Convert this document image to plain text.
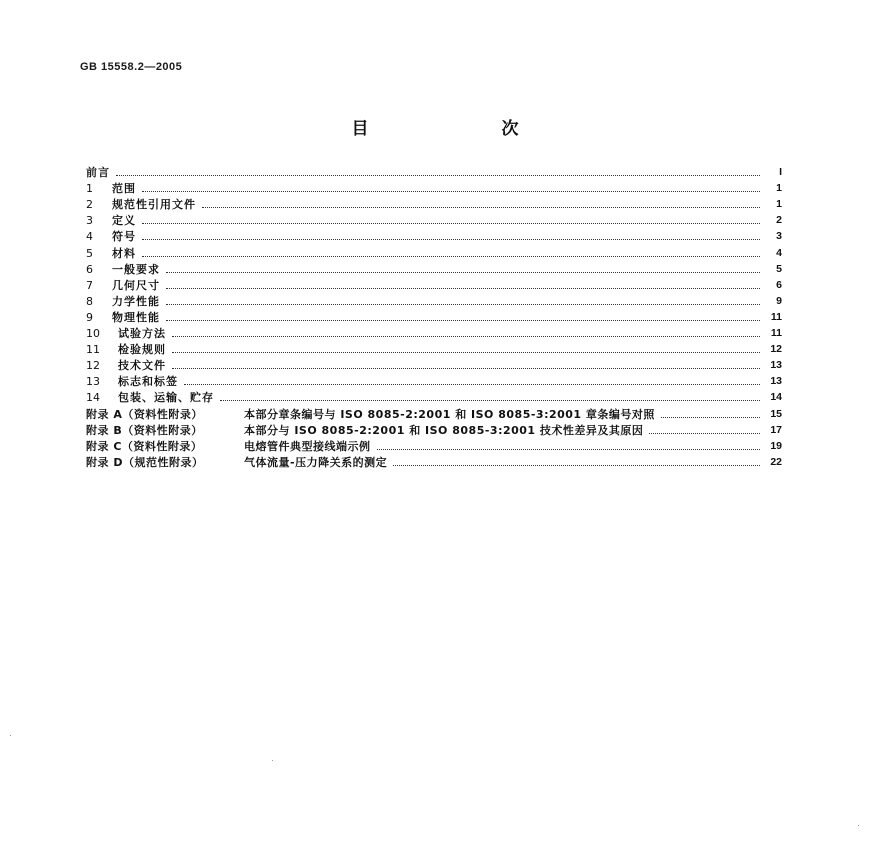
GB 15558.2—2005
目　次
前言	I
1	范围	1
2	规范性引用文件	1
3	定义	2
4	符号	3
5	材料	4
6	一般要求	5
7	几何尺寸	6
8	力学性能	9
9	物理性能	11
10	试验方法	11
11	检验规则	12
12	技术文件	13
13	标志和标签	13
14	包装、运输、贮存	14
附录 A（资料性附录）	本部分章条编号与 ISO 8085-2:2001 和 ISO 8085-3:2001 章条编号对照	15
附录 B（资料性附录）	本部分与 ISO 8085-2:2001 和 ISO 8085-3:2001 技术性差异及其原因	17
附录 C（资料性附录）	电熔管件典型接线端示例	19
附录 D（规范性附录）	气体流量-压力降关系的测定	22
